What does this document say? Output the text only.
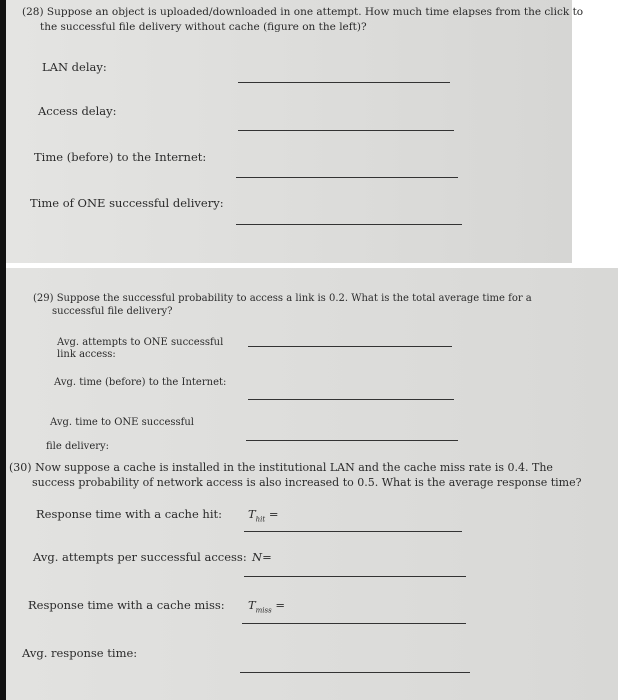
(28) Suppose an object is uploaded/downloaded in one attempt. How much time elapses from the click to
the successful file delivery without cache (figure on the left)?
LAN delay:
Access delay:
Time (before) to the Internet:
Time of ONE successful delivery:
(29) Suppose the successful probability to access a link is 0.2. What is the total average time for a
successful file delivery?
Avg. attempts to ONE successful
link access:
Avg. time (before) to the Internet:
Avg. time to ONE successful
file delivery:
(30) Now suppose a cache is installed in the institutional LAN and the cache miss rate is 0.4. The
success probability of network access is also increased to 0.5. What is the average response time?
Response time with a cache hit: $T_{hit}$ =
Avg. attempts per successful access: N=
Response time with a cache miss: $T_{miss}$ =
Avg. response time:
